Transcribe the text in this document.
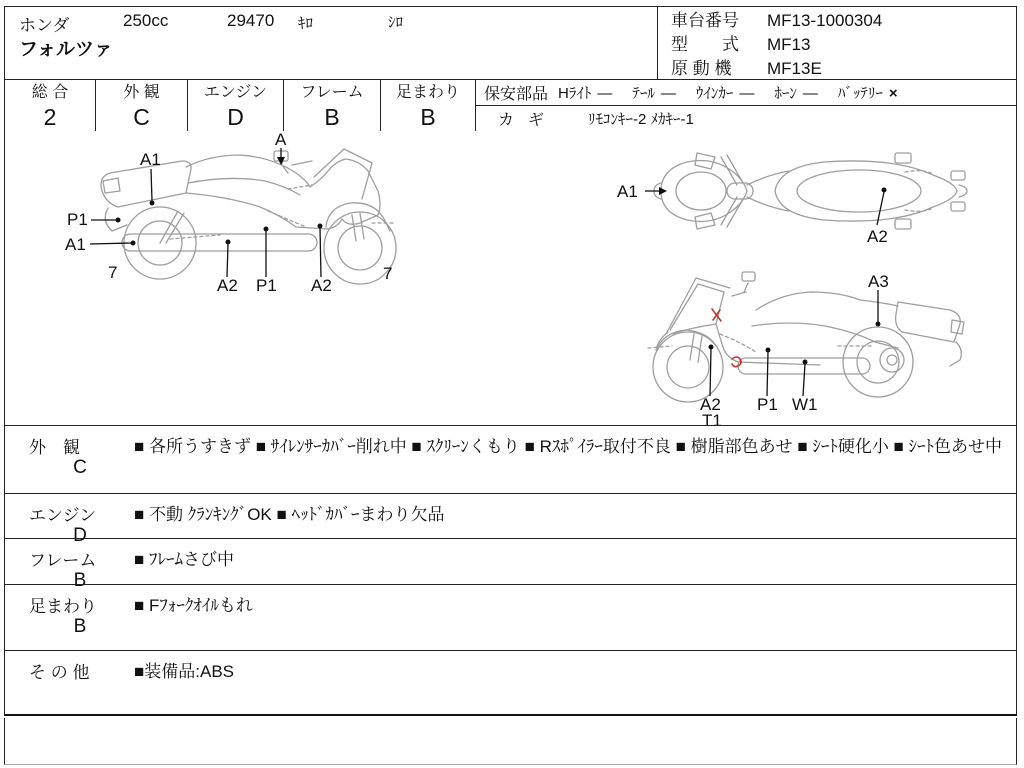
ホンダ
フォルツァ
250cc	29470 ｷﾛ	ｼﾛ	車台番号 MF13-1000304
型　　式 MF13
原 動 機 MF13E
総 合
2
外 観
C
エンジン
D
フレーム
B
足まわり
B
保安部品 Hﾗｲﾄ — ﾃｰﾙ — ｳｲﾝｶｰ — ﾎｰﾝ — ﾊﾞｯﾃﾘｰ ×
カギ ﾘﾓｺﾝｷｰ-2 ﾒｶｷｰ-1
A1
A2
A1
A
P1
A1
7
A2 P1 A2
7	A3
A2
T1
P1 W1
外　観
C
■ 各所うすきず ■ ｻｲﾚﾝｻｰｶﾊﾞｰ削れ中 ■ ｽｸﾘｰﾝくもり ■ Rｽﾎﾟｲﾗｰ取付不良 ■ 樹脂部色あせ ■ ｼｰﾄ硬化小 ■ ｼｰﾄ色あせ中
エンジン
D
■ 不動 ｸﾗﾝｷﾝｸﾞOK ■ ﾍｯﾄﾞｶﾊﾞｰまわり欠品
フレーム
B
■ ﾌﾚｰﾑさび中
足まわり
B
■ Fﾌｫｰｸｵｲﾙもれ
そ の 他	■装備品:ABS
